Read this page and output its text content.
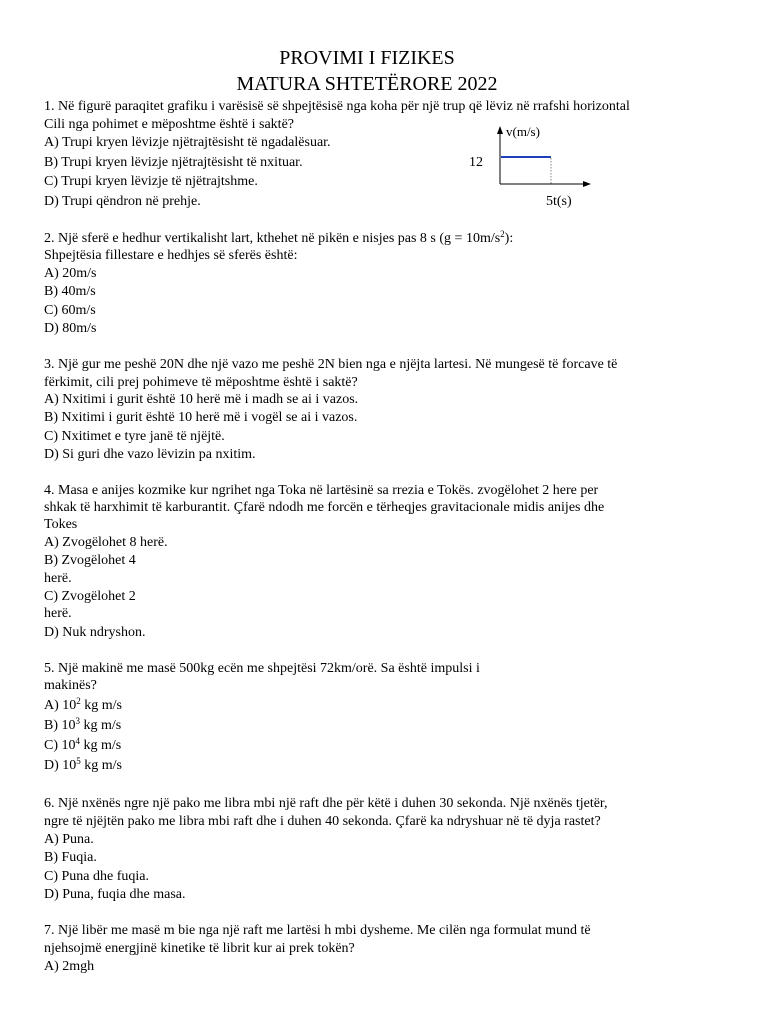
PROVIMI I FIZIKES
MATURA SHTETËRORE 2022
1. Në figurë paraqitet grafiku i varësisë së shpejtësisë nga koha për një trup që lëviz në rrafshi horizontal
Cili nga pohimet e mëposhtme është i saktë?
A) Trupi kryen lëvizje njëtrajtësisht të ngadalësuar.
B) Trupi kryen lëvizje njëtrajtësisht të nxituar.
C) Trupi kryen lëvizje të njëtrajtshme.
D) Trupi qëndron në prehje.
v(m/s)
12
5t(s)
2. Një sferë e hedhur vertikalisht lart, kthehet në pikën e nisjes pas 8 s $(g = 10m/s^2)$:
Shpejtësia fillestare e hedhjes së sferës është:
A) 20m/s
B) 40m/s
C) 60m/s
D) 80m/s
3. Një gur me peshë 20N dhe një vazo me peshë 2N bien nga e njëjta lartesi. Në mungesë të forcave të
fërkimit, cili prej pohimeve të mëposhtme është i saktë?
A) Nxitimi i gurit është 10 herë më i madh se ai i vazos.
B) Nxitimi i gurit është 10 herë më i vogël se ai i vazos.
C) Nxitimet e tyre janë të njëjtë.
D) Si guri dhe vazo lëvizin pa nxitim.
4. Masa e anijes kozmike kur ngrihet nga Toka në lartësinë sa rrezia e Tokës. zvogëlohet 2 here per
shkak të harxhimit të karburantit. Çfarë ndodh me forcën e tërheqjes gravitacionale midis anijes dhe
Tokes
A) Zvogëlohet 8 herë.
B) Zvogëlohet 4
herë.
C) Zvogëlohet 2
herë.
D) Nuk ndryshon.
5. Një makinë me masë 500kg ecën me shpejtësi 72km/orë. Sa është impulsi i
makinës?
A) $10^2$ kg m/s
B) $10^3$ kg m/s
C) $10^4$ kg m/s
D) $10^5$ kg m/s
6. Një nxënës ngre një pako me libra mbi një raft dhe për këtë i duhen 30 sekonda. Një nxënës tjetër,
ngre të njëjtën pako me libra mbi raft dhe i duhen 40 sekonda. Çfarë ka ndryshuar në të dyja rastet?
A) Puna.
B) Fuqia.
C) Puna dhe fuqia.
D) Puna, fuqia dhe masa.
7. Një libër me masë m bie nga një raft me lartësi h mbi dysheme. Me cilën nga formulat mund të
njehsojmë energjinë kinetike të librit kur ai prek tokën?
A) 2mgh
